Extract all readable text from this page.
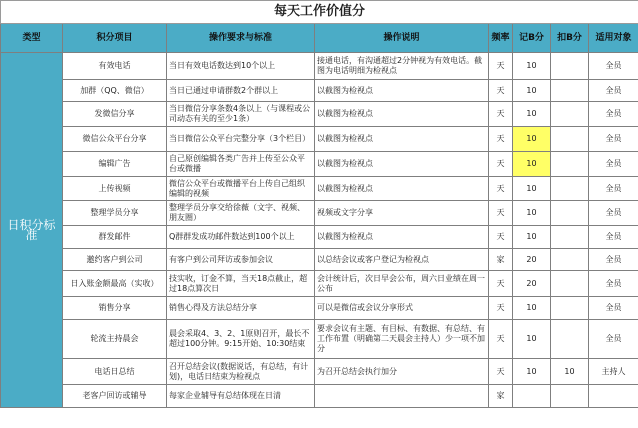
每天工作价值分							
类型	积分项目	操作要求与标准	操作说明	频率	记B分	扣B分	适用对象
日积分标准	有效电话	当日有效电话数达到10个以上	接通电话，有沟通超过2分钟视为有效电话。截图为电话明细为检视点	天	10		全员
	加群（QQ、微信）	当日已通过申请群数2个群以上	以截图为检视点	天	10		全员
	发微信分享	当日微信分享条数4条以上（与课程或公司动态有关的至少1条）	以截图为检视点	天	10		全员
	微信公众平台分享	当日微信公众平台完整分享（3个栏目）	以截图为检视点	天	10		全员
	编辑广告	自己原创编辑各类广告并上传至公众平台或微播	以截图为检视点	天	10		全员
	上传视频	微信公众平台或微播平台上传自己组织编辑的视频	以截图为检视点	天	10		全员
	整理学员分享	整理学员分享交给徐薇（文字、视频、朋友圈）	视频或文字分享	天	10		全员
	群发邮件	Q群群发成功邮件数达到100个以上	以截图为检视点	天	10		全员
	邀约客户到公司	有客户到公司拜访或参加会议	以总结会议或客户登记为检视点	家	20		全员
	日入账金额最高（实收）	技实收，订金不算，当天18点截止，超过18点算次日	会计统计后，次日早会公布，周六日业绩在周一公布	天	20		全员
	销售分享	销售心得及方法总结分享	可以是微信或会议分享形式	天	10		全员
	轮流主持晨会	晨会采取4、3、2、1原则召开，最长不超过100分钟。9:15开始、10:30结束	要求会议有主题、有目标、有数据、有总结、有工作布置（明确第二天晨会主持人）少一项不加分	天	10		全员
	电话日总结	召开总结会议(数据说话，有总结，有计划)，电话日结束为检视点	为召开总结会执行加分	天	10	10	主持人
	老客户回访或辅导	每家企业辅导有总结体现在日清		家			
